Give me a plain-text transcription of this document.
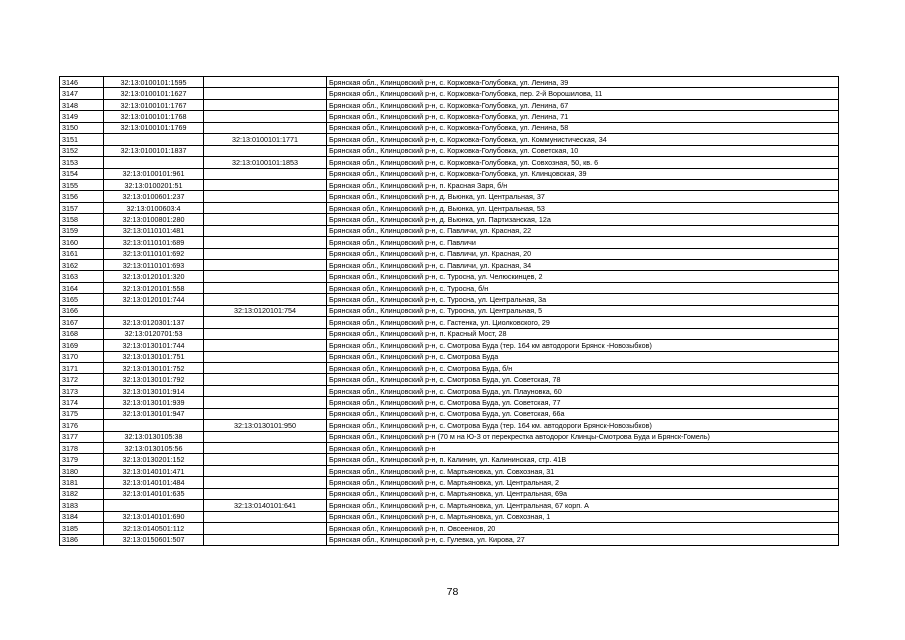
3146	32:13:0100101:1595		Брянская обл., Клинцовский р-н, с. Коржовка-Голубовка, ул. Ленина, 39
3147	32:13:0100101:1627		Брянская обл., Клинцовский р-н, с. Коржовка-Голубовка, пер. 2-й Ворошилова, 11
3148	32:13:0100101:1767		Брянская обл., Клинцовский р-н, с. Коржовка-Голубовка, ул. Ленина, 67
3149	32:13:0100101:1768		Брянская обл., Клинцовский р-н, с. Коржовка-Голубовка, ул. Ленина, 71
3150	32:13:0100101:1769		Брянская обл., Клинцовский р-н, с. Коржовка-Голубовка, ул. Ленина, 58
3151		32:13:0100101:1771	Брянская обл., Клинцовский р-н, с. Коржовка-Голубовка, ул. Коммунистическая, 34
3152	32:13:0100101:1837		Брянская обл., Клинцовский р-н, с. Коржовка-Голубовка, ул. Советская, 10
3153		32:13:0100101:1853	Брянская обл., Клинцовский р-н, с. Коржовка-Голубовка, ул. Совхозная, 50, кв. 6
3154	32:13:0100101:961		Брянская обл., Клинцовский р-н, с. Коржовка-Голубовка, ул. Клинцовская, 39
3155	32:13:0100201:51		Брянская обл., Клинцовский р-н, п. Красная Заря, б/н
3156	32:13:0100601:237		Брянская обл., Клинцовский р-н, д. Вьюнка, ул. Центральная, 37
3157	32:13:0100603:4		Брянская обл., Клинцовский р-н, д. Вьюнка, ул. Центральная, 53
3158	32:13:0100801:280		Брянская обл., Клинцовский р-н, д. Вьюнка, ул. Партизанская, 12а
3159	32:13:0110101:481		Брянская обл., Клинцовский р-н, с. Павличи, ул. Красная, 22
3160	32:13:0110101:689		Брянская обл., Клинцовский р-н, с. Павличи
3161	32:13:0110101:692		Брянская обл., Клинцовский р-н, с. Павличи, ул. Красная, 20
3162	32:13:0110101:693		Брянская обл., Клинцовский р-н, с. Павличи, ул. Красная, 34
3163	32:13:0120101:320		Брянская обл., Клинцовский р-н, с. Туросна, ул. Челюскинцев, 2
3164	32:13:0120101:558		Брянская обл., Клинцовский р-н, с. Туросна, б/н
3165	32:13:0120101:744		Брянская обл., Клинцовский р-н, с. Туросна, ул. Центральная, 3а
3166		32:13:0120101:754	Брянская обл., Клинцовский р-н, с. Туросна, ул. Центральная, 5
3167	32:13:0120301:137		Брянская обл., Клинцовский р-н, с. Гастенка, ул. Циолковского, 29
3168	32:13:0120701:53		Брянская обл., Клинцовский р-н, п. Красный Мост, 28
3169	32:13:0130101:744		Брянская обл., Клинцовский р-н, с. Смотрова Буда (тер. 164 км автодороги Брянск -Новозыбков)
3170	32:13:0130101:751		Брянская обл., Клинцовский р-н, с. Смотрова Буда
3171	32:13:0130101:752		Брянская обл., Клинцовский р-н, с. Смотрова Буда, б/н
3172	32:13:0130101:792		Брянская обл., Клинцовский р-н, с. Смотрова Буда, ул. Советская, 78
3173	32:13:0130101:914		Брянская обл., Клинцовский р-н, с. Смотрова Буда, ул. Плауновка, 60
3174	32:13:0130101:939		Брянская обл., Клинцовский р-н, с. Смотрова Буда, ул. Советская, 77
3175	32:13:0130101:947		Брянская обл., Клинцовский р-н, с. Смотрова Буда, ул. Советская, 66а
3176		32:13:0130101:950	Брянская обл., Клинцовский р-н, с. Смотрова Буда (тер. 164 км. автодороги Брянск-Новозыбков)
3177	32:13:0130105:38		Брянская обл., Клинцовский р-н (70 м на Ю-З от перекрестка автодорог Клинцы-Смотрова Буда и Брянск-Гомель)
3178	32:13:0130105:56		Брянская обл., Клинцовский р-н
3179	32:13:0130201:152		Брянская обл., Клинцовский р-н, п. Калинин, ул. Калининская, стр. 41В
3180	32:13:0140101:471		Брянская обл., Клинцовский р-н, с. Мартьяновка, ул. Совхозная, 31
3181	32:13:0140101:484		Брянская обл., Клинцовский р-н, с. Мартьяновка, ул. Центральная, 2
3182	32:13:0140101:635		Брянская обл., Клинцовский р-н, с. Мартьяновка, ул. Центральная, 69а
3183		32:13:0140101:641	Брянская обл., Клинцовский р-н, с. Мартьяновка, ул. Центральная, 67 корп. А
3184	32:13:0140101:690		Брянская обл., Клинцовский р-н, с. Мартьяновка, ул. Совхозная, 1
3185	32:13:0140501:112		Брянская обл., Клинцовский р-н, п. Овсеенков, 20
3186	32:13:0150601:507		Брянская обл., Клинцовский р-н, с. Гулевка, ул. Кирова, 27
78
